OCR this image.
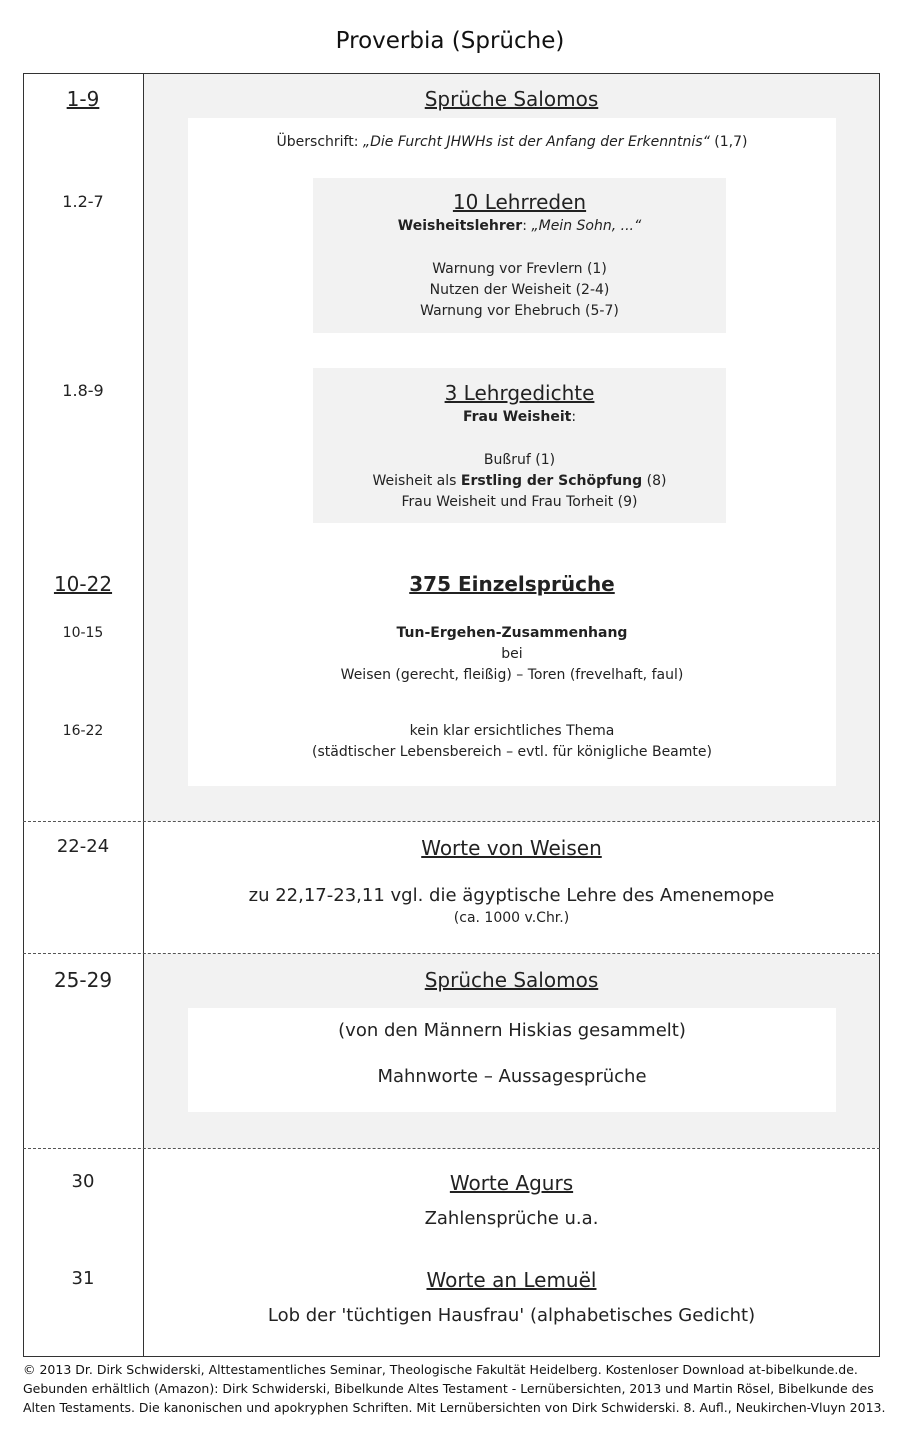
Proverbia (Sprüche)
1-9
1.2-7
1.8-9
10-22
10-15
16-22
22-24
25-29
30
31
Sprüche Salomos
Überschrift: „Die Furcht JHWHs ist der Anfang der Erkenntnis“ (1,7)
10 Lehrreden
Weisheitslehrer: „Mein Sohn, ...“
Warnung vor Frevlern (1)
Nutzen der Weisheit (2-4)
Warnung vor Ehebruch (5-7)
3 Lehrgedichte
Frau Weisheit:
Bußruf (1)
Weisheit als Erstling der Schöpfung (8)
Frau Weisheit und Frau Torheit (9)
375 Einzelsprüche
Tun-Ergehen-Zusammenhang
bei
Weisen (gerecht, fleißig) – Toren (frevelhaft, faul)
kein klar ersichtliches Thema
(städtischer Lebensbereich – evtl. für königliche Beamte)
Worte von Weisen
zu 22,17-23,11 vgl. die ägyptische Lehre des Amenemope
(ca. 1000 v.Chr.)
Sprüche Salomos
(von den Männern Hiskias gesammelt)
Mahnworte – Aussagesprüche
Worte Agurs
Zahlensprüche u.a.
Worte an Lemuël
Lob der 'tüchtigen Hausfrau' (alphabetisches Gedicht)
© 2013 Dr. Dirk Schwiderski, Alttestamentliches Seminar, Theologische Fakultät Heidelberg. Kostenloser Download at-bibelkunde.de.
Gebunden erhältlich (Amazon): Dirk Schwiderski, Bibelkunde Altes Testament - Lernübersichten, 2013 und Martin Rösel, Bibelkunde des
Alten Testaments. Die kanonischen und apokryphen Schriften. Mit Lernübersichten von Dirk Schwiderski. 8. Aufl., Neukirchen-Vluyn 2013.
